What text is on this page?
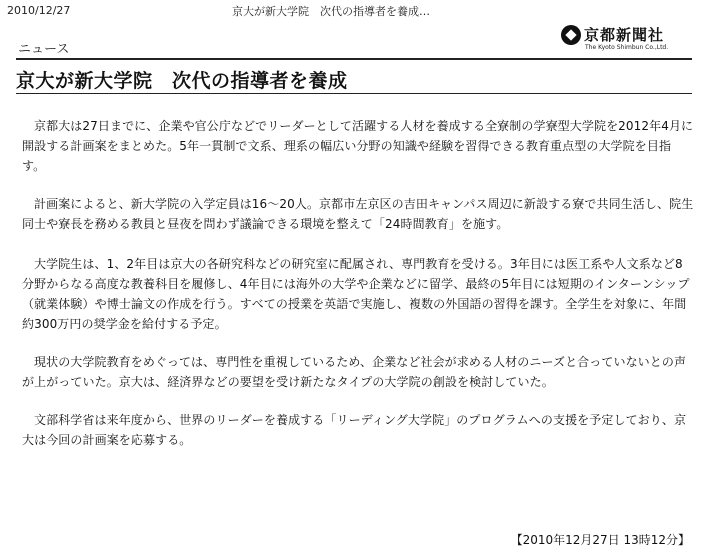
2010/12/27	京大が新大学院　次代の指導者を養成…
京都新聞社
The Kyoto Shimbun Co.,Ltd.
ニュース
京大が新大学院　次代の指導者を養成

京都大は27日までに、企業や官公庁などでリーダーとして活躍する人材を養成する全寮制の学寮型大学院を2012年4月に開設する計画案をまとめた。5年一貫制で文系、理系の幅広い分野の知識や経験を習得できる教育重点型の大学院を目指す。

計画案によると、新大学院の入学定員は16～20人。京都市左京区の吉田キャンパス周辺に新設する寮で共同生活し、院生同士や寮長を務める教員と昼夜を問わず議論できる環境を整えて「24時間教育」を施す。

大学院生は、1、2年目は京大の各研究科などの研究室に配属され、専門教育を受ける。3年目には医工系や人文系など8分野からなる高度な教養科目を履修し、4年目には海外の大学や企業などに留学、最終の5年目には短期のインターンシップ（就業体験）や博士論文の作成を行う。すべての授業を英語で実施し、複数の外国語の習得を課す。全学生を対象に、年間約300万円の奨学金を給付する予定。

現状の大学院教育をめぐっては、専門性を重視しているため、企業など社会が求める人材のニーズと合っていないとの声が上がっていた。京大は、経済界などの要望を受け新たなタイプの大学院の創設を検討していた。

文部科学省は来年度から、世界のリーダーを養成する「リーディング大学院」のプログラムへの支援を予定しており、京大は今回の計画案を応募する。

【2010年12月27日 13時12分】
